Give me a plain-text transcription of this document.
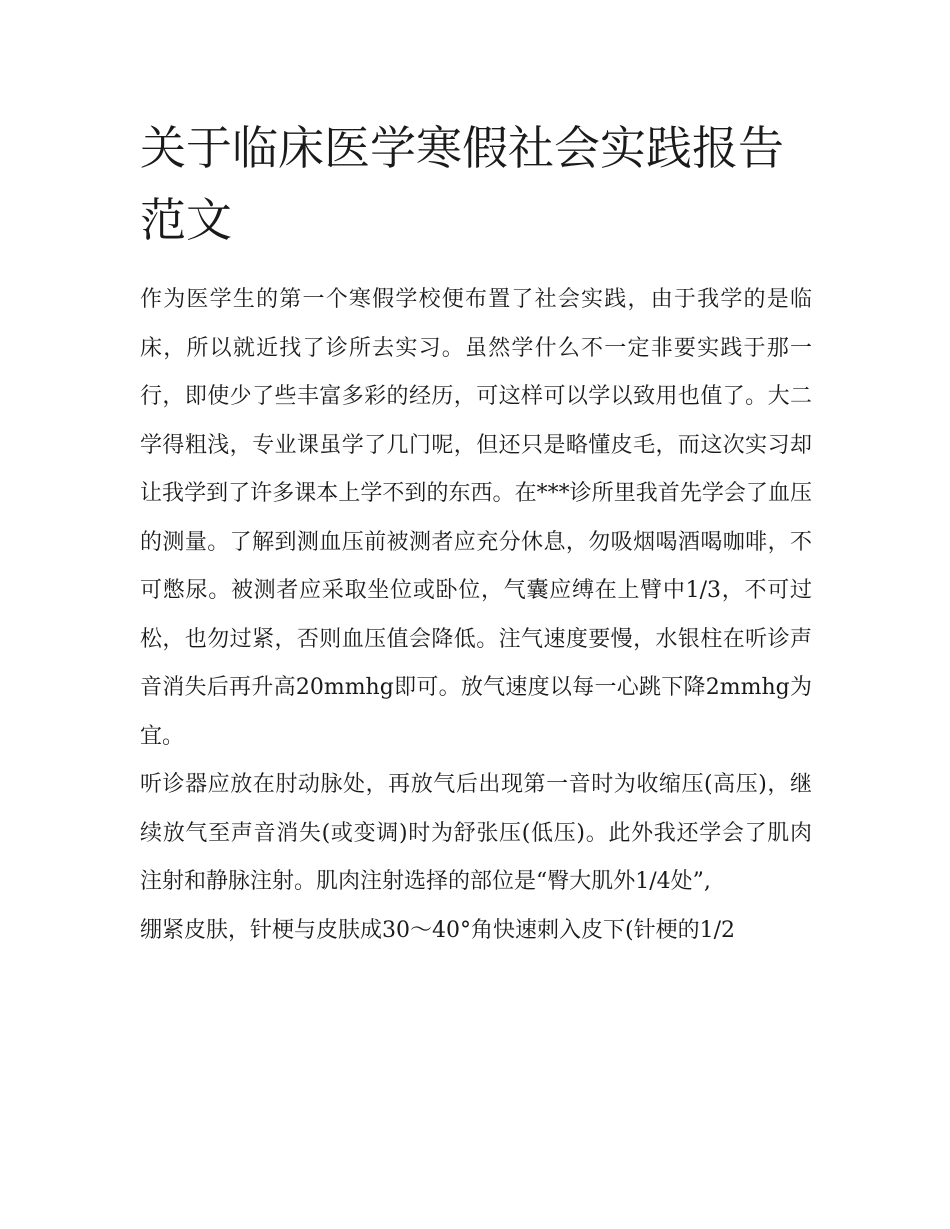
关于临床医学寒假社会实践报告范文

作为医学生的第一个寒假学校便布置了社会实践，由于我学的是临床，所以就近找了诊所去实习。虽然学什么不一定非要实践于那一行，即使少了些丰富多彩的经历，可这样可以学以致用也值了。大二学得粗浅，专业课虽学了几门呢，但还只是略懂皮毛，而这次实习却让我学到了许多课本上学不到的东西。在***诊所里我首先学会了血压的测量。了解到测血压前被测者应充分休息，勿吸烟喝酒喝咖啡，不可憋尿。被测者应采取坐位或卧位，气囊应缚在上臂中1/3，不可过松，也勿过紧，否则血压值会降低。注气速度要慢，水银柱在听诊声音消失后再升高20mmhg即可。放气速度以每一心跳下降2mmhg为宜。

听诊器应放在肘动脉处，再放气后出现第一音时为收缩压(高压)，继续放气至声音消失(或变调)时为舒张压(低压)。此外我还学会了肌肉注射和静脉注射。肌肉注射选择的部位是“臀大肌外1/4处”,

绷紧皮肤，针梗与皮肤成30～40°角快速刺入皮下(针梗的1/2
